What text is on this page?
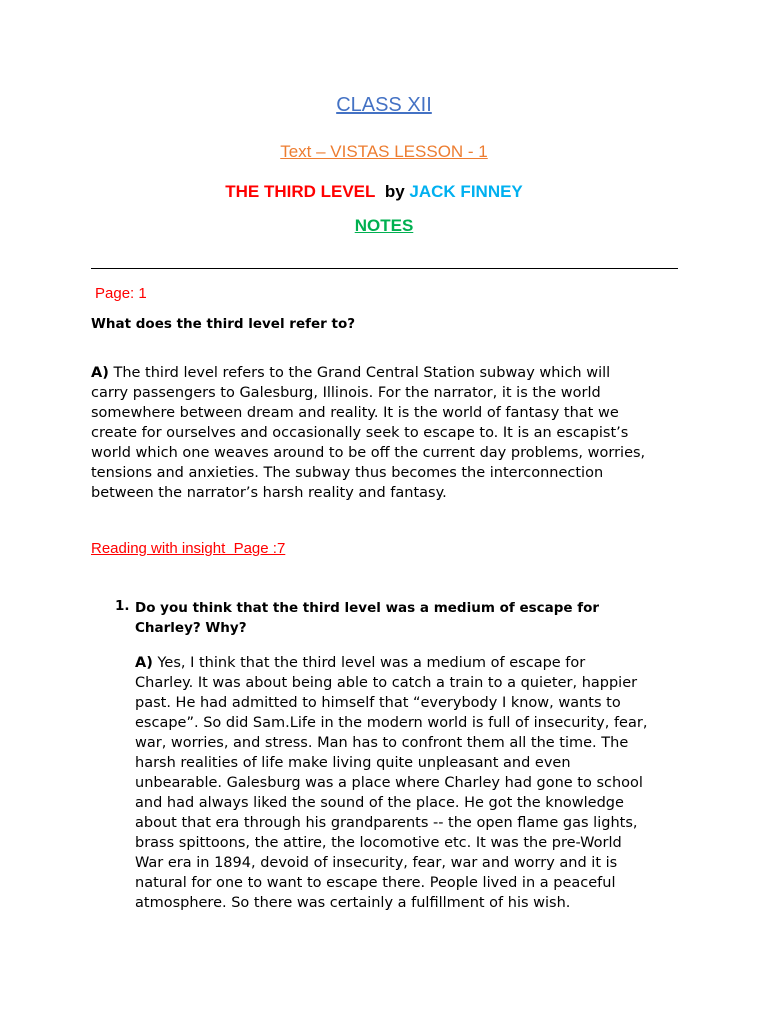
CLASS XII
Text – VISTAS LESSON - 1
THE THIRD LEVEL by JACK FINNEY
NOTES
Page: 1
What does the third level refer to?
A) The third level refers to the Grand Central Station subway which will
carry passengers to Galesburg, Illinois. For the narrator, it is the world
somewhere between dream and reality. It is the world of fantasy that we
create for ourselves and occasionally seek to escape to. It is an escapist’s
world which one weaves around to be off the current day problems, worries,
tensions and anxieties. The subway thus becomes the interconnection
between the narrator’s harsh reality and fantasy.
Reading with insight  Page :7
1. Do you think that the third level was a medium of escape for
Charley? Why?
A) Yes, I think that the third level was a medium of escape for
Charley. It was about being able to catch a train to a quieter, happier
past. He had admitted to himself that “everybody I know, wants to
escape”. So did Sam.Life in the modern world is full of insecurity, fear,
war, worries, and stress. Man has to confront them all the time. The
harsh realities of life make living quite unpleasant and even
unbearable. Galesburg was a place where Charley had gone to school
and had always liked the sound of the place. He got the knowledge
about that era through his grandparents -- the open flame gas lights,
brass spittoons, the attire, the locomotive etc. It was the pre-World
War era in 1894, devoid of insecurity, fear, war and worry and it is
natural for one to want to escape there. People lived in a peaceful
atmosphere. So there was certainly a fulfillment of his wish.
